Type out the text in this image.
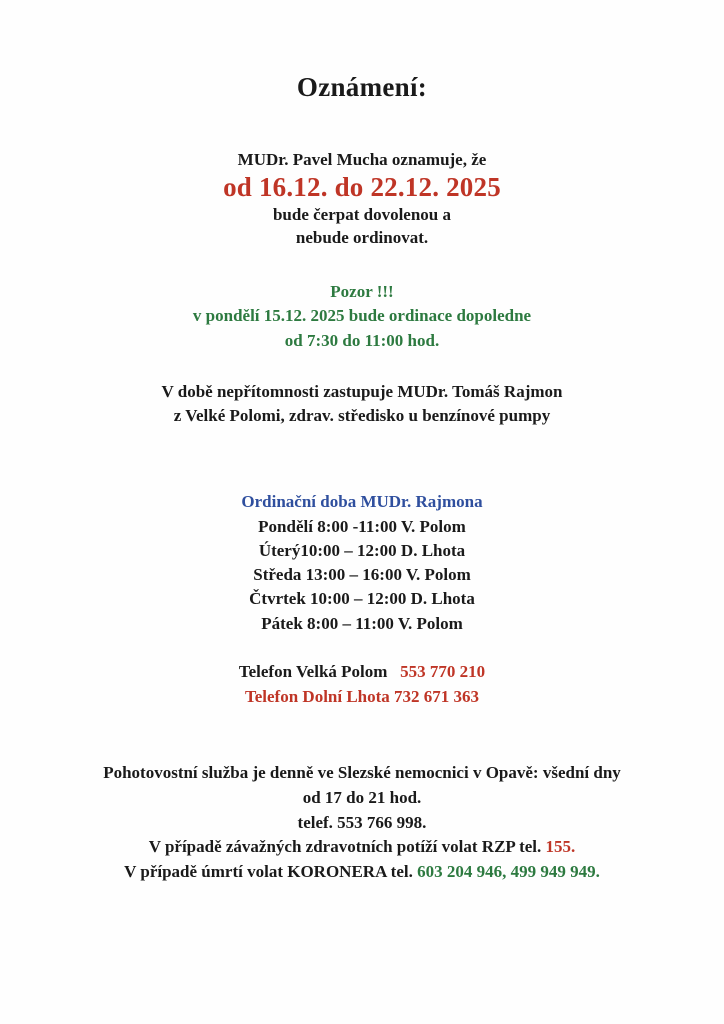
Oznámení:
MUDr. Pavel Mucha oznamuje, že
od 16.12. do 22.12. 2025
bude čerpat dovolenou a
nebude ordinovat.
Pozor !!!
v pondělí 15.12. 2025 bude ordinace dopoledne
od 7:30 do 11:00 hod.
V době nepřítomnosti zastupuje MUDr. Tomáš Rajmon
z Velké Polomi, zdrav. středisko u benzínové pumpy
Ordinační doba MUDr. Rajmona
Pondělí 8:00 -11:00 V. Polom
Úterý10:00 – 12:00 D. Lhota
Středa 13:00 – 16:00 V. Polom
Čtvrtek 10:00 – 12:00 D. Lhota
Pátek 8:00 – 11:00 V. Polom
Telefon Velká Polom 553 770 210
Telefon Dolní Lhota 732 671 363
Pohotovostní služba je denně ve Slezské nemocnici v Opavě: všední dny
od 17 do 21 hod.
telef. 553 766 998.
V případě závažných zdravotních potíží volat RZP tel. 155.
V případě úmrtí volat KORONERA tel. 603 204 946, 499 949 949.
